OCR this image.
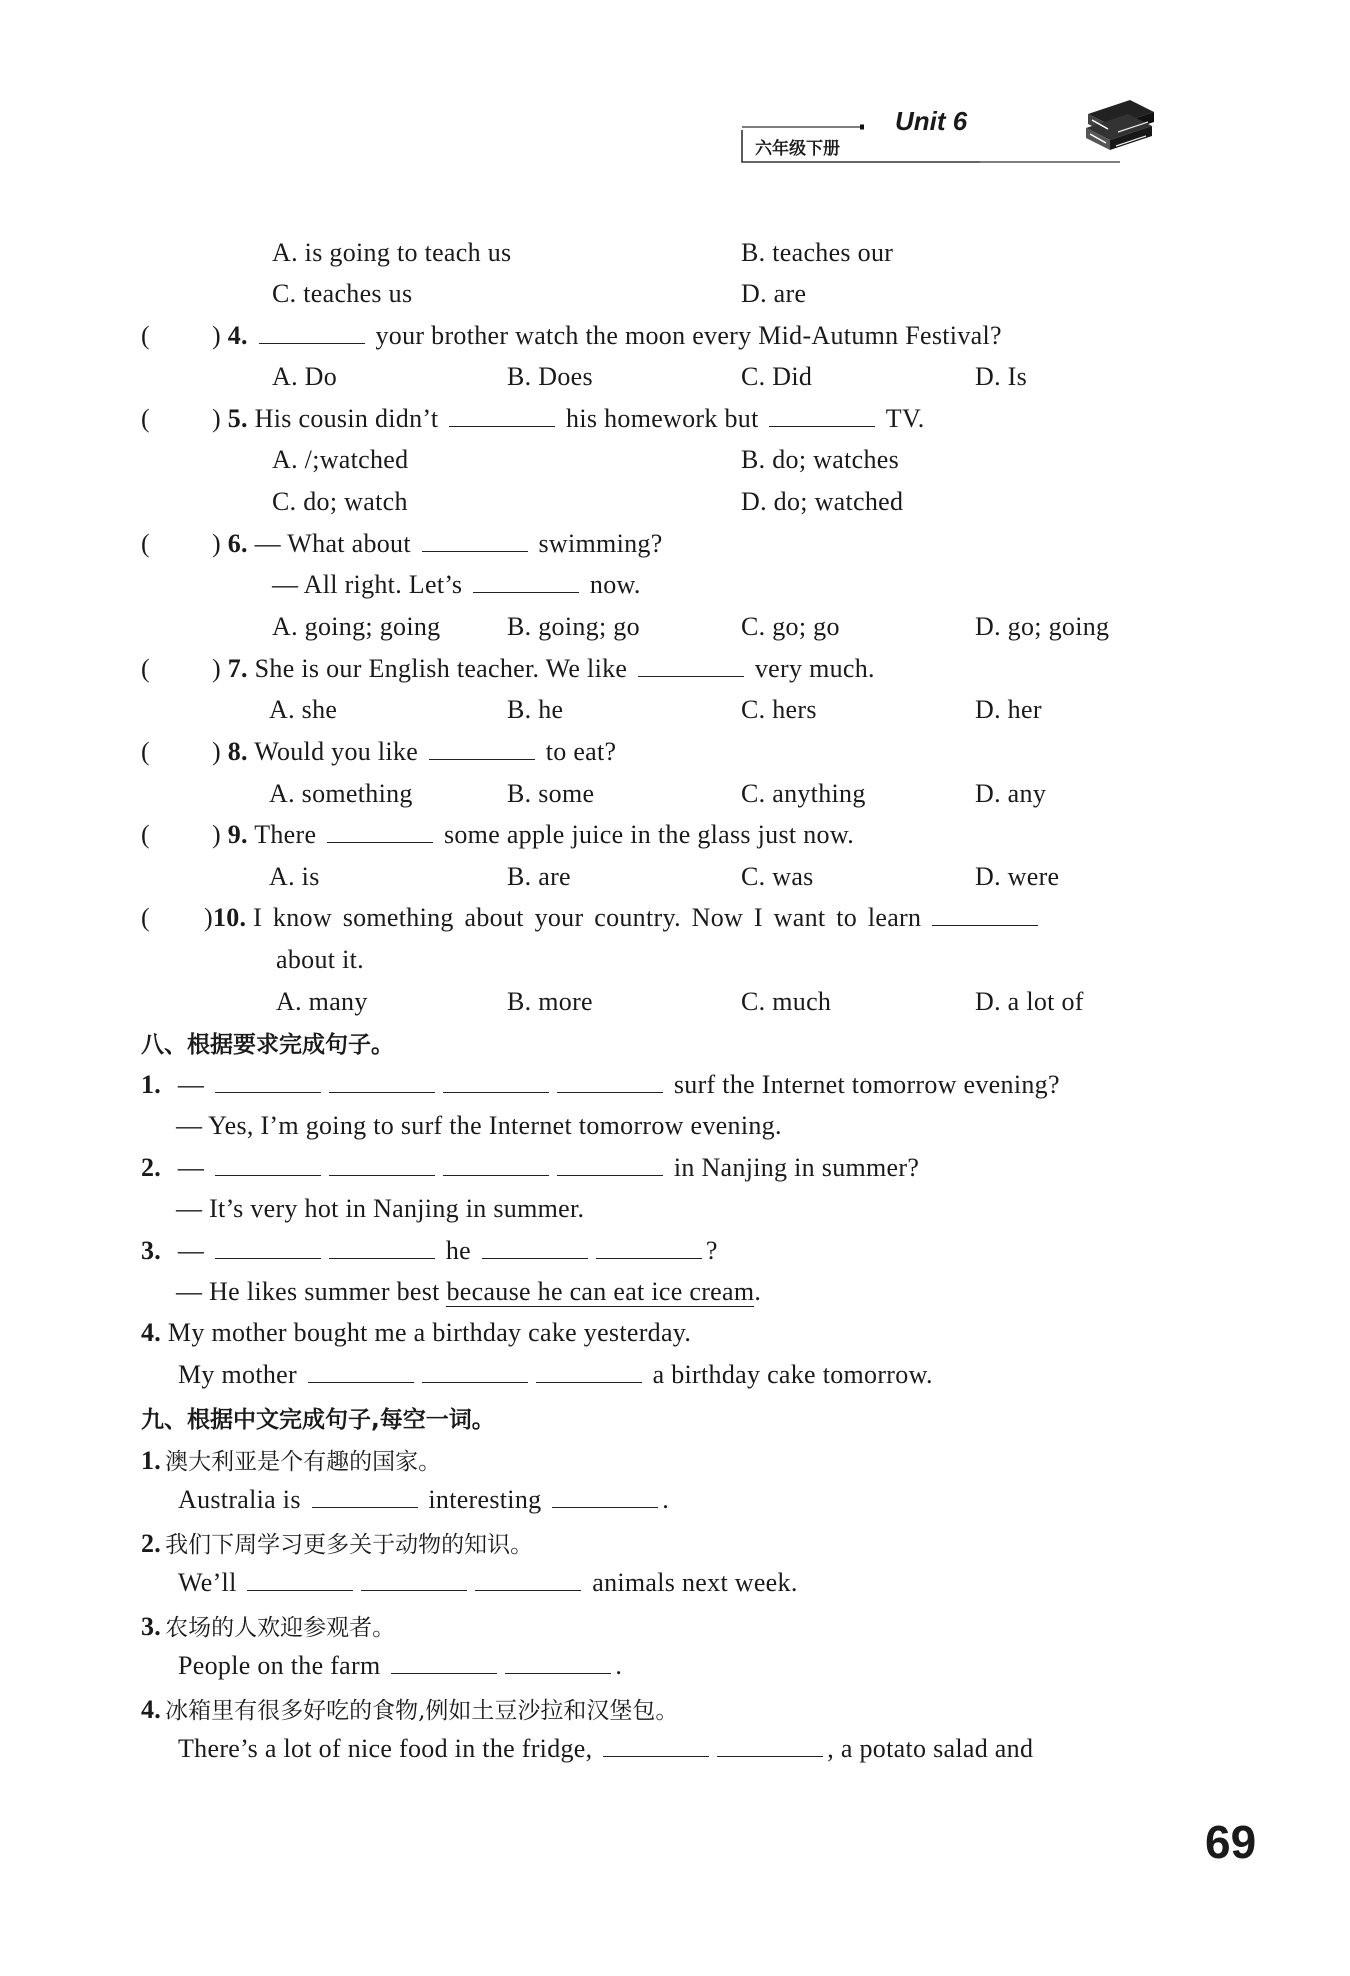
六年级下册
Unit 6
A. is going to teach us	B. teaches our
C. teaches us	D. are
( ) 4.	your brother watch the moon every Mid-Autumn Festival?
A. Do	B. Does	C. Did	D. Is
( ) 5. His cousin didn’t	his homework but	TV.
A. /;watched	B. do; watches
C. do; watch	D. do; watched
( ) 6. — What about	swimming?
— All right. Let’s	now.
A. going; going	B. going; go	C. go; go	D. go; going
( ) 7. She is our English teacher. We like	very much.
A. she	B. he	C. hers	D. her
( ) 8. Would you like	to eat?
A. something	B. some	C. anything	D. any
( ) 9. There	some apple juice in the glass just now.
A. is	B. are	C. was	D. were
( )10. I know something about your country. Now I want to learn
about it.
A. many	B. more	C. much	D. a lot of
八、根据要求完成句子。
1. —	surf the Internet tomorrow evening?
— Yes, I’m going to surf the Internet tomorrow evening.
2. —	in Nanjing in summer?
— It’s very hot in Nanjing in summer.
3. —	he	?
— He likes summer best because he can eat ice cream.
4. My mother bought me a birthday cake yesterday.
My mother	a birthday cake tomorrow.
九、根据中文完成句子,每空一词。
1. 澳大利亚是个有趣的国家。
Australia is	interesting	.
2. 我们下周学习更多关于动物的知识。
We’ll	animals next week.
3. 农场的人欢迎参观者。
People on the farm	.
4. 冰箱里有很多好吃的食物,例如土豆沙拉和汉堡包。
There’s a lot of nice food in the fridge,	, a potato salad and
69
